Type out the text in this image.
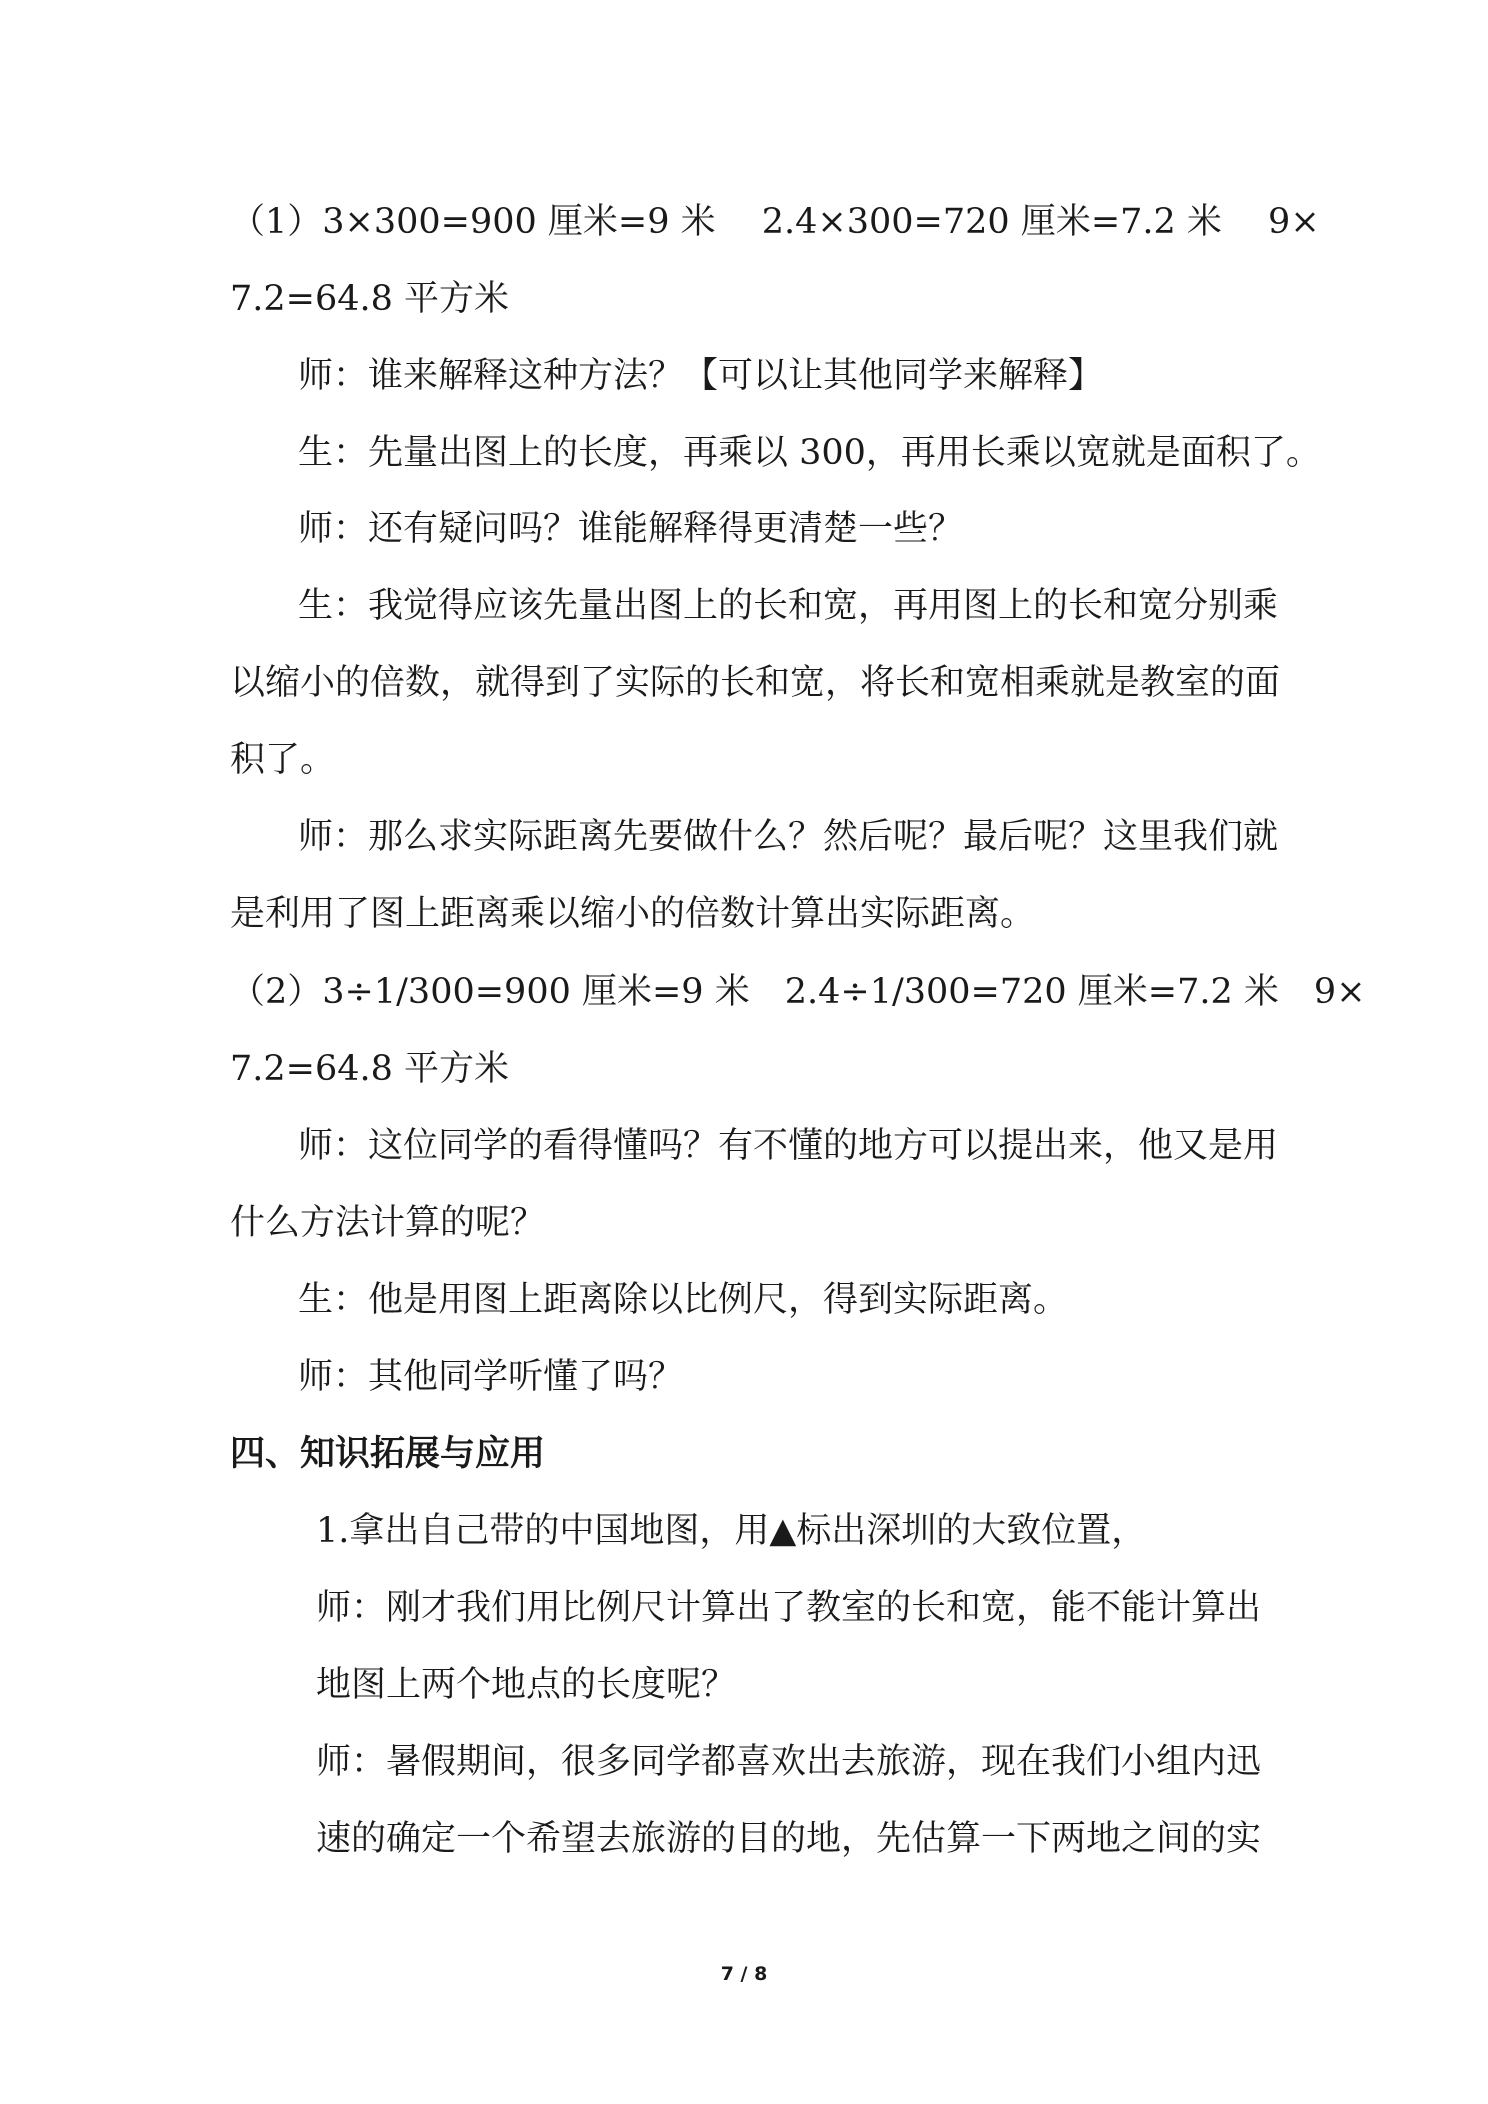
（1）3×300=900 厘米=9 米　 2.4×300=720 厘米=7.2 米　 9×
7.2=64.8 平方米
师：谁来解释这种方法？【可以让其他同学来解释】
生：先量出图上的长度，再乘以 300，再用长乘以宽就是面积了。
师：还有疑问吗？谁能解释得更清楚一些？
生：我觉得应该先量出图上的长和宽，再用图上的长和宽分别乘
以缩小的倍数，就得到了实际的长和宽，将长和宽相乘就是教室的面
积了。
师：那么求实际距离先要做什么？然后呢？最后呢？这里我们就
是利用了图上距离乘以缩小的倍数计算出实际距离。
（2）3÷1/300=900 厘米=9 米　2.4÷1/300=720 厘米=7.2 米　9×
7.2=64.8 平方米
师：这位同学的看得懂吗？有不懂的地方可以提出来，他又是用
什么方法计算的呢？
生：他是用图上距离除以比例尺，得到实际距离。
师：其他同学听懂了吗？
四、知识拓展与应用
1.拿出自己带的中国地图，用▲标出深圳的大致位置，
师：刚才我们用比例尺计算出了教室的长和宽，能不能计算出
地图上两个地点的长度呢？
师：暑假期间，很多同学都喜欢出去旅游，现在我们小组内迅
速的确定一个希望去旅游的目的地，先估算一下两地之间的实
7 / 8
